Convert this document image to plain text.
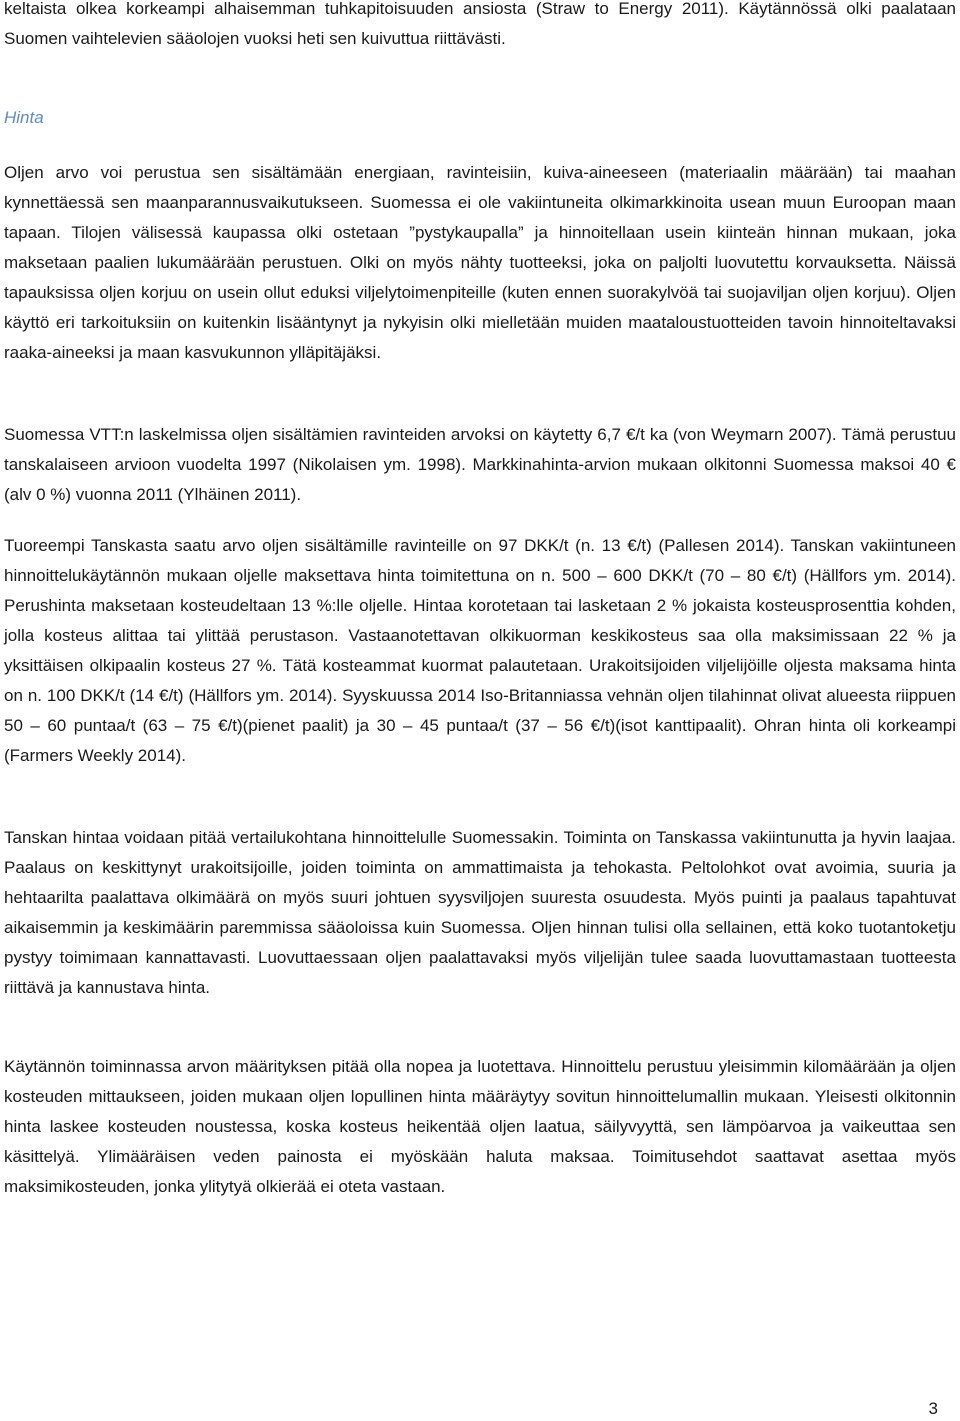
keltaista olkea korkeampi alhaisemman tuhkapitoisuuden ansiosta (Straw to Energy 2011). Käytännössä olki paalataan Suomen vaihtelevien sääolojen vuoksi heti sen kuivuttua riittävästi.

Hinta

Oljen arvo voi perustua sen sisältämään energiaan, ravinteisiin, kuiva-aineeseen (materiaalin määrään) tai maahan kynnettäessä sen maanparannusvaikutukseen. Suomessa ei ole vakiintuneita olkimarkkinoita usean muun Euroopan maan tapaan. Tilojen välisessä kaupassa olki ostetaan ”pystykaupalla” ja hinnoitellaan usein kiinteän hinnan mukaan, joka maksetaan paalien lukumäärään perustuen. Olki on myös nähty tuotteeksi, joka on paljolti luovutettu korvauksetta. Näissä tapauksissa oljen korjuu on usein ollut eduksi viljelytoimenpiteille (kuten ennen suorakylvöä tai suojaviljan oljen korjuu). Oljen käyttö eri tarkoituksiin on kuitenkin lisääntynyt ja nykyisin olki mielletään muiden maataloustuotteiden tavoin hinnoiteltavaksi raaka-aineeksi ja maan kasvukunnon ylläpitäjäksi.

Suomessa VTT:n laskelmissa oljen sisältämien ravinteiden arvoksi on käytetty 6,7 €/t ka (von Weymarn 2007). Tämä perustuu tanskalaiseen arvioon vuodelta 1997 (Nikolaisen ym. 1998). Markkinahinta-arvion mukaan olkitonni Suomessa maksoi 40 € (alv 0 %) vuonna 2011 (Ylhäinen 2011).

Tuoreempi Tanskasta saatu arvo oljen sisältämille ravinteille on 97 DKK/t (n. 13 €/t) (Pallesen 2014). Tanskan vakiintuneen hinnoittelukäytännön mukaan oljelle maksettava hinta toimitettuna on n. 500 – 600 DKK/t (70 – 80 €/t) (Hällfors ym. 2014). Perushinta maksetaan kosteudeltaan 13 %:lle oljelle. Hintaa korotetaan tai lasketaan 2 % jokaista kosteusprosenttia kohden, jolla kosteus alittaa tai ylittää perustason. Vastaanotettavan olkikuorman keskikosteus saa olla maksimissaan 22 % ja yksittäisen olkipaalin kosteus 27 %. Tätä kosteammat kuormat palautetaan. Urakoitsijoiden viljelijöille oljesta maksama hinta on n. 100 DKK/t (14 €/t) (Hällfors ym. 2014). Syyskuussa 2014 Iso-Britanniassa vehnän oljen tilahinnat olivat alueesta riippuen 50 – 60 puntaa/t (63 – 75 €/t)(pienet paalit) ja 30 – 45 puntaa/t (37 – 56 €/t)(isot kanttipaalit). Ohran hinta oli korkeampi (Farmers Weekly 2014).

Tanskan hintaa voidaan pitää vertailukohtana hinnoittelulle Suomessakin. Toiminta on Tanskassa vakiintunutta ja hyvin laajaa. Paalaus on keskittynyt urakoitsijoille, joiden toiminta on ammattimaista ja tehokasta. Peltolohkot ovat avoimia, suuria ja hehtaarilta paalattava olkimäärä on myös suuri johtuen syysviljojen suuresta osuudesta. Myös puinti ja paalaus tapahtuvat aikaisemmin ja keskimäärin paremmissa sääoloissa kuin Suomessa. Oljen hinnan tulisi olla sellainen, että koko tuotantoketju pystyy toimimaan kannattavasti. Luovuttaessaan oljen paalattavaksi myös viljelijän tulee saada luovuttamastaan tuotteesta riittävä ja kannustava hinta.

Käytännön toiminnassa arvon määrityksen pitää olla nopea ja luotettava. Hinnoittelu perustuu yleisimmin kilomäärään ja oljen kosteuden mittaukseen, joiden mukaan oljen lopullinen hinta määräytyy sovitun hinnoittelumallin mukaan. Yleisesti olkitonnin hinta laskee kosteuden noustessa, koska kosteus heikentää oljen laatua, säilyvyyttä, sen lämpöarvoa ja vaikeuttaa sen käsittelyä. Ylimääräisen veden painosta ei myöskään haluta maksaa. Toimitusehdot saattavat asettaa myös maksimikosteuden, jonka ylitytyä olkierää ei oteta vastaan.

3
